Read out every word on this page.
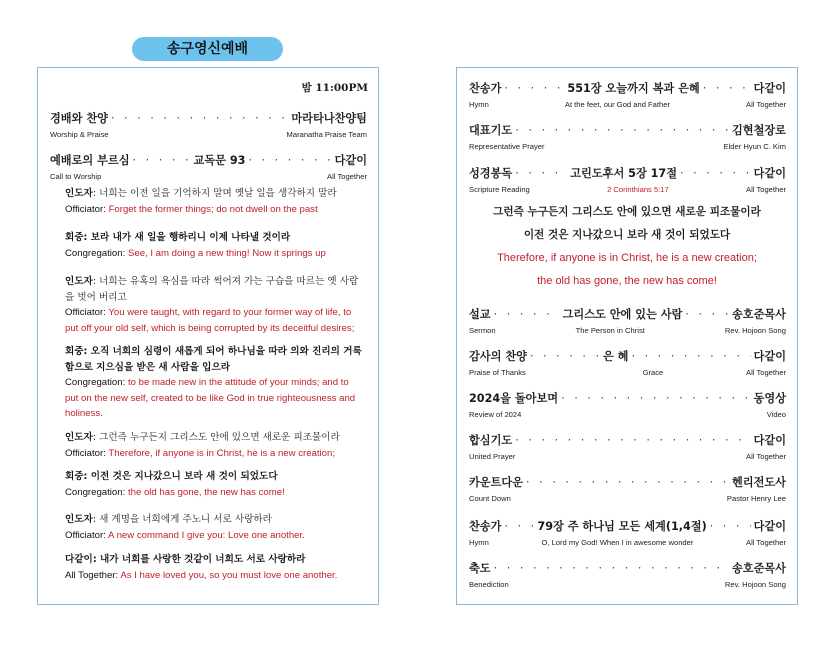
송구영신예배
밤 11:00PM
경배와 찬양 · · ·	마라타나찬양팀
Worship & Praise	Maranatha Praise Team
예배로의 부르심 · · ·	교독문 93 · · ·	다같이
Call to Worship	All Together
인도자: 너희는 이전 일을 기억하지 말며 옛날 일을 생각하지 말라
Officiator: Forget the former things; do not dwell on the past
회중: 보라 내가 새 일을 행하리니 이제 나타낼 것이라
Congregation: See, I am doing a new thing! Now it springs up
인도자: 너희는 유혹의 욕심을 따라 썩어져 가는 구습을 따르는 옛 사람을 벗어 버리고
Officiator: You were taught, with regard to your former way of life, to put off your old self, which is being corrupted by its deceitful desires;
회중: 오직 너희의 심령이 새롭게 되어 하나님을 따라 의와 진리의 거룩함으로 지으심을 받은 새 사람을 입으라
Congregation: to be made new in the attitude of your minds; and to put on the new self, created to be like God in true righteousness and holiness.
인도자: 그런즉 누구든지 그리스도 안에 있으면 새로운 피조물이라
Officiator: Therefore, if anyone is in Christ, he is a new creation;
회중: 이전 것은 지나갔으니 보라 새 것이 되었도다
Congregation: the old has gone, the new has come!
인도자: 새 계명을 너희에게 주노니 서로 사랑하라
Officiator: A new command I give you: Love one another.
다같이: 내가 너희를 사랑한 것같이 너희도 서로 사랑하라
All Together: As I have loved you, so you must love one another.
찬송가 · · ·	551장 오늘까지 복과 은혜 · · ·	다같이
Hymn	At the feet, our God and Father	All Together
대표기도 · · ·	김현철장로
Representative Prayer	Elder Hyun C. Kim
성경봉독 · · ·	고린도후서 5장 17절 · · ·	다같이
Scripture Reading	2 Corinthians 5:17	All Together
그런즉 누구든지 그리스도 안에 있으면 새로운 피조물이라
이전 것은 지나갔으니 보라 새 것이 되었도다
Therefore, if anyone is in Christ, he is a new creation;
the old has gone, the new has come!
설교 · · ·	그리스도 안에 있는 사람 · · ·	송호준목사
Sermon	The Person in Christ	Rev. Hojoon Song
감사의 찬양 · · ·	은 혜 · · ·	다같이
Praise of Thanks	Grace	All Together
2024을 돌아보며 · · ·	동영상
Review of 2024	Video
합심기도 · · ·	다같이
United Prayer	All Together
카운트다운 · · ·	헨리전도사
Count Down	Pastor Henry Lee
찬송가 · · ·	79장 주 하나님 모든 세계(1,4절) · · ·	다같이
Hymn	O, Lord my God! When I in awesome wonder	All Together
축도 · · ·	송호준목사
Benediction	Rev. Hojoon Song
